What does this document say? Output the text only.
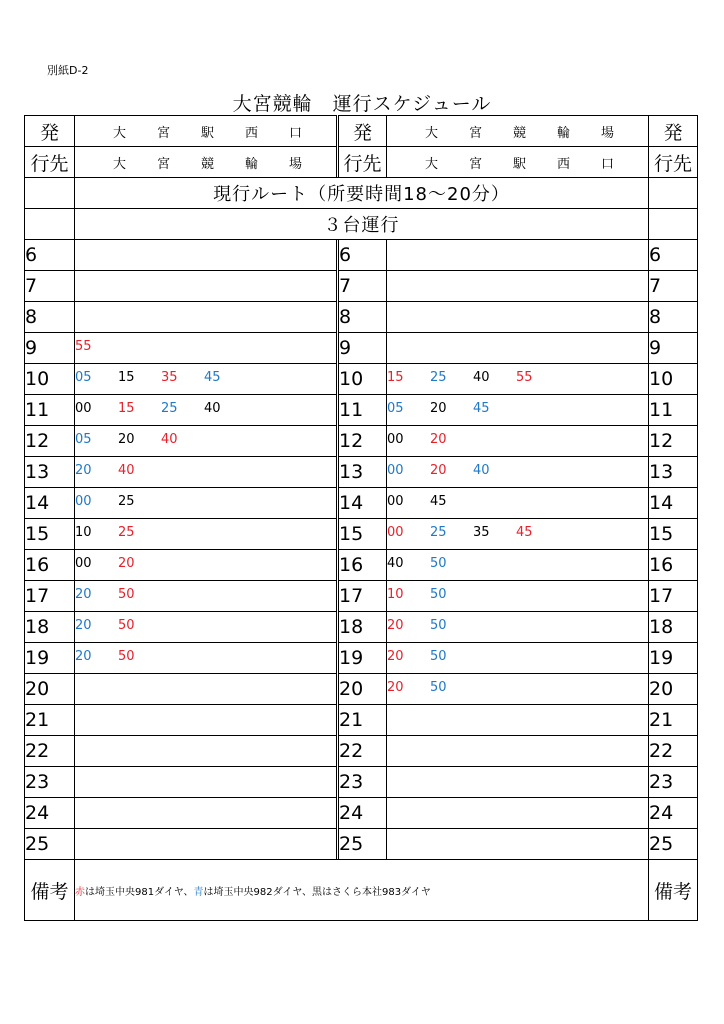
別紙D-2
大宮競輪　運行スケジュール
発	大 宮 駅 西 口		発	大 宮 競 輪 場	発
行先	大 宮 競 輪 場		行先	大 宮 駅 西 口	行先
	現行ルート（所要時間18～20分）				
	３台運行				
6			6		6
7			7		7
8			8		8
9	55		9		9
10	05 15 35 45		10	15 25 40 55	10
11	00 15 25 40		11	05 20 45	11
12	05 20 40		12	00 20	12
13	20 40		13	00 20 40	13
14	00 25		14	00 45	14
15	10 25		15	00 25 35 45	15
16	00 20		16	40 50	16
17	20 50		17	10 50	17
18	20 50		18	20 50	18
19	20 50		19	20 50	19
20			20	20 50	20
21			21		21
22			22		22
23			23		23
24			24		24
25			25		25
備考	赤は埼玉中央981ダイヤ、青は埼玉中央982ダイヤ、黒はさくら本社983ダイヤ				備考
